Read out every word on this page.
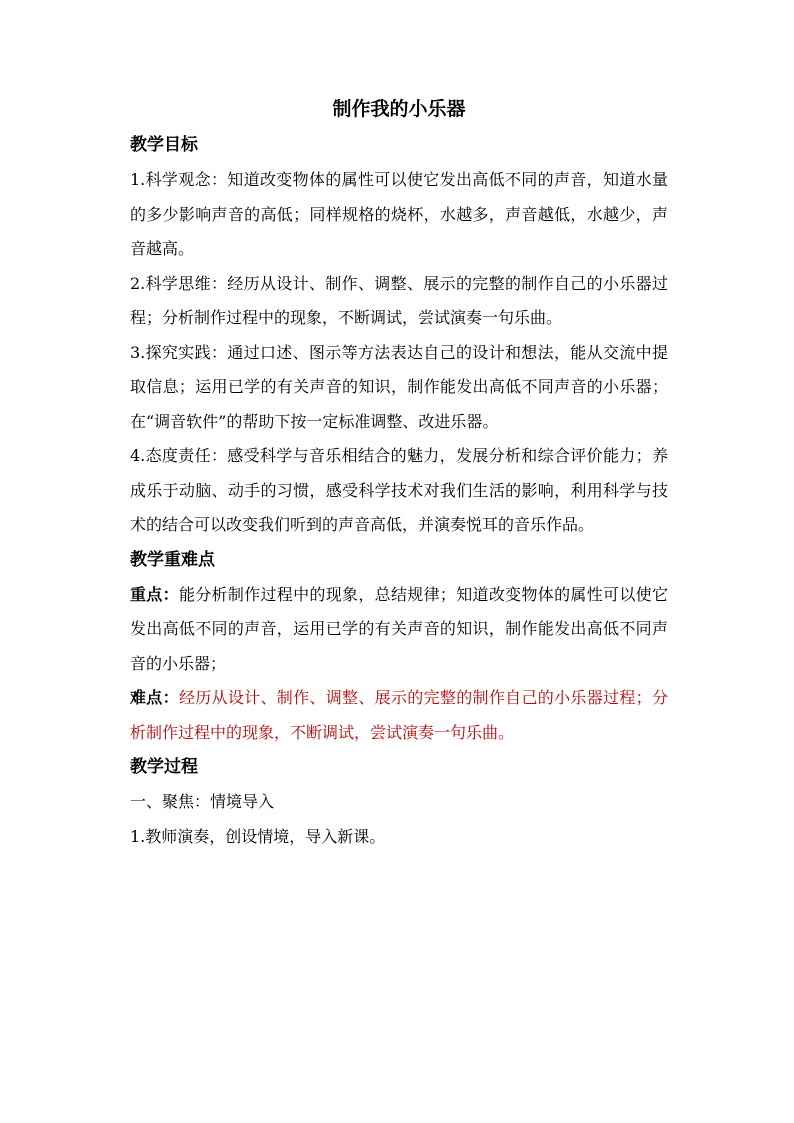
制作我的小乐器
教学目标

1.科学观念：知道改变物体的属性可以使它发出高低不同的声音，知道水量的多少影响声音的高低；同样规格的烧杯，水越多，声音越低，水越少，声音越高。

2.科学思维：经历从设计、制作、调整、展示的完整的制作自己的小乐器过程；分析制作过程中的现象，不断调试，尝试演奏一句乐曲。

3.探究实践：通过口述、图示等方法表达自己的设计和想法，能从交流中提取信息；运用已学的有关声音的知识，制作能发出高低不同声音的小乐器；在“调音软件”的帮助下按一定标准调整、改进乐器。

4.态度责任：感受科学与音乐相结合的魅力，发展分析和综合评价能力；养成乐于动脑、动手的习惯，感受科学技术对我们生活的影响，利用科学与技术的结合可以改变我们听到的声音高低，并演奏悦耳的音乐作品。

教学重难点

重点：能分析制作过程中的现象，总结规律；知道改变物体的属性可以使它发出高低不同的声音，运用已学的有关声音的知识，制作能发出高低不同声音的小乐器；

难点：经历从设计、制作、调整、展示的完整的制作自己的小乐器过程；分析制作过程中的现象，不断调试，尝试演奏一句乐曲。

教学过程

一、聚焦：情境导入

1.教师演奏，创设情境，导入新课。
